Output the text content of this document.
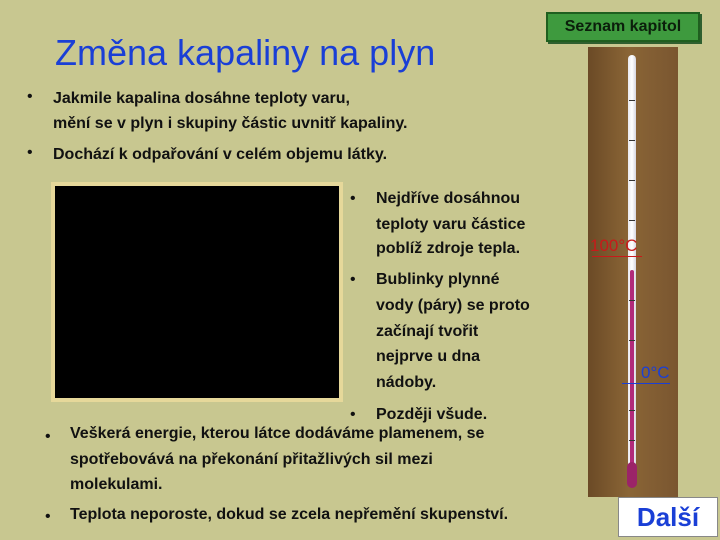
Změna kapaliny na plyn
Seznam kapitol
• Jakmile kapalina dosáhne teploty varu,
mění se v plyn i skupiny částic uvnitř kapaliny.
• Dochází k odpařování v celém objemu látky.
• Nejdříve dosáhnou
teploty varu částice
poblíž zdroje tepla.
• Bublinky plynné
vody (páry) se proto
začínají tvořit
nejprve u dna
nádoby.
• Později všude.
• Veškerá energie, kterou látce dodáváme plamenem, se
spotřebovává na překonání přitažlivých sil mezi
molekulami.
• Teplota neporoste, dokud se zcela nepřemění skupenství.
100°C
0°C
Další
